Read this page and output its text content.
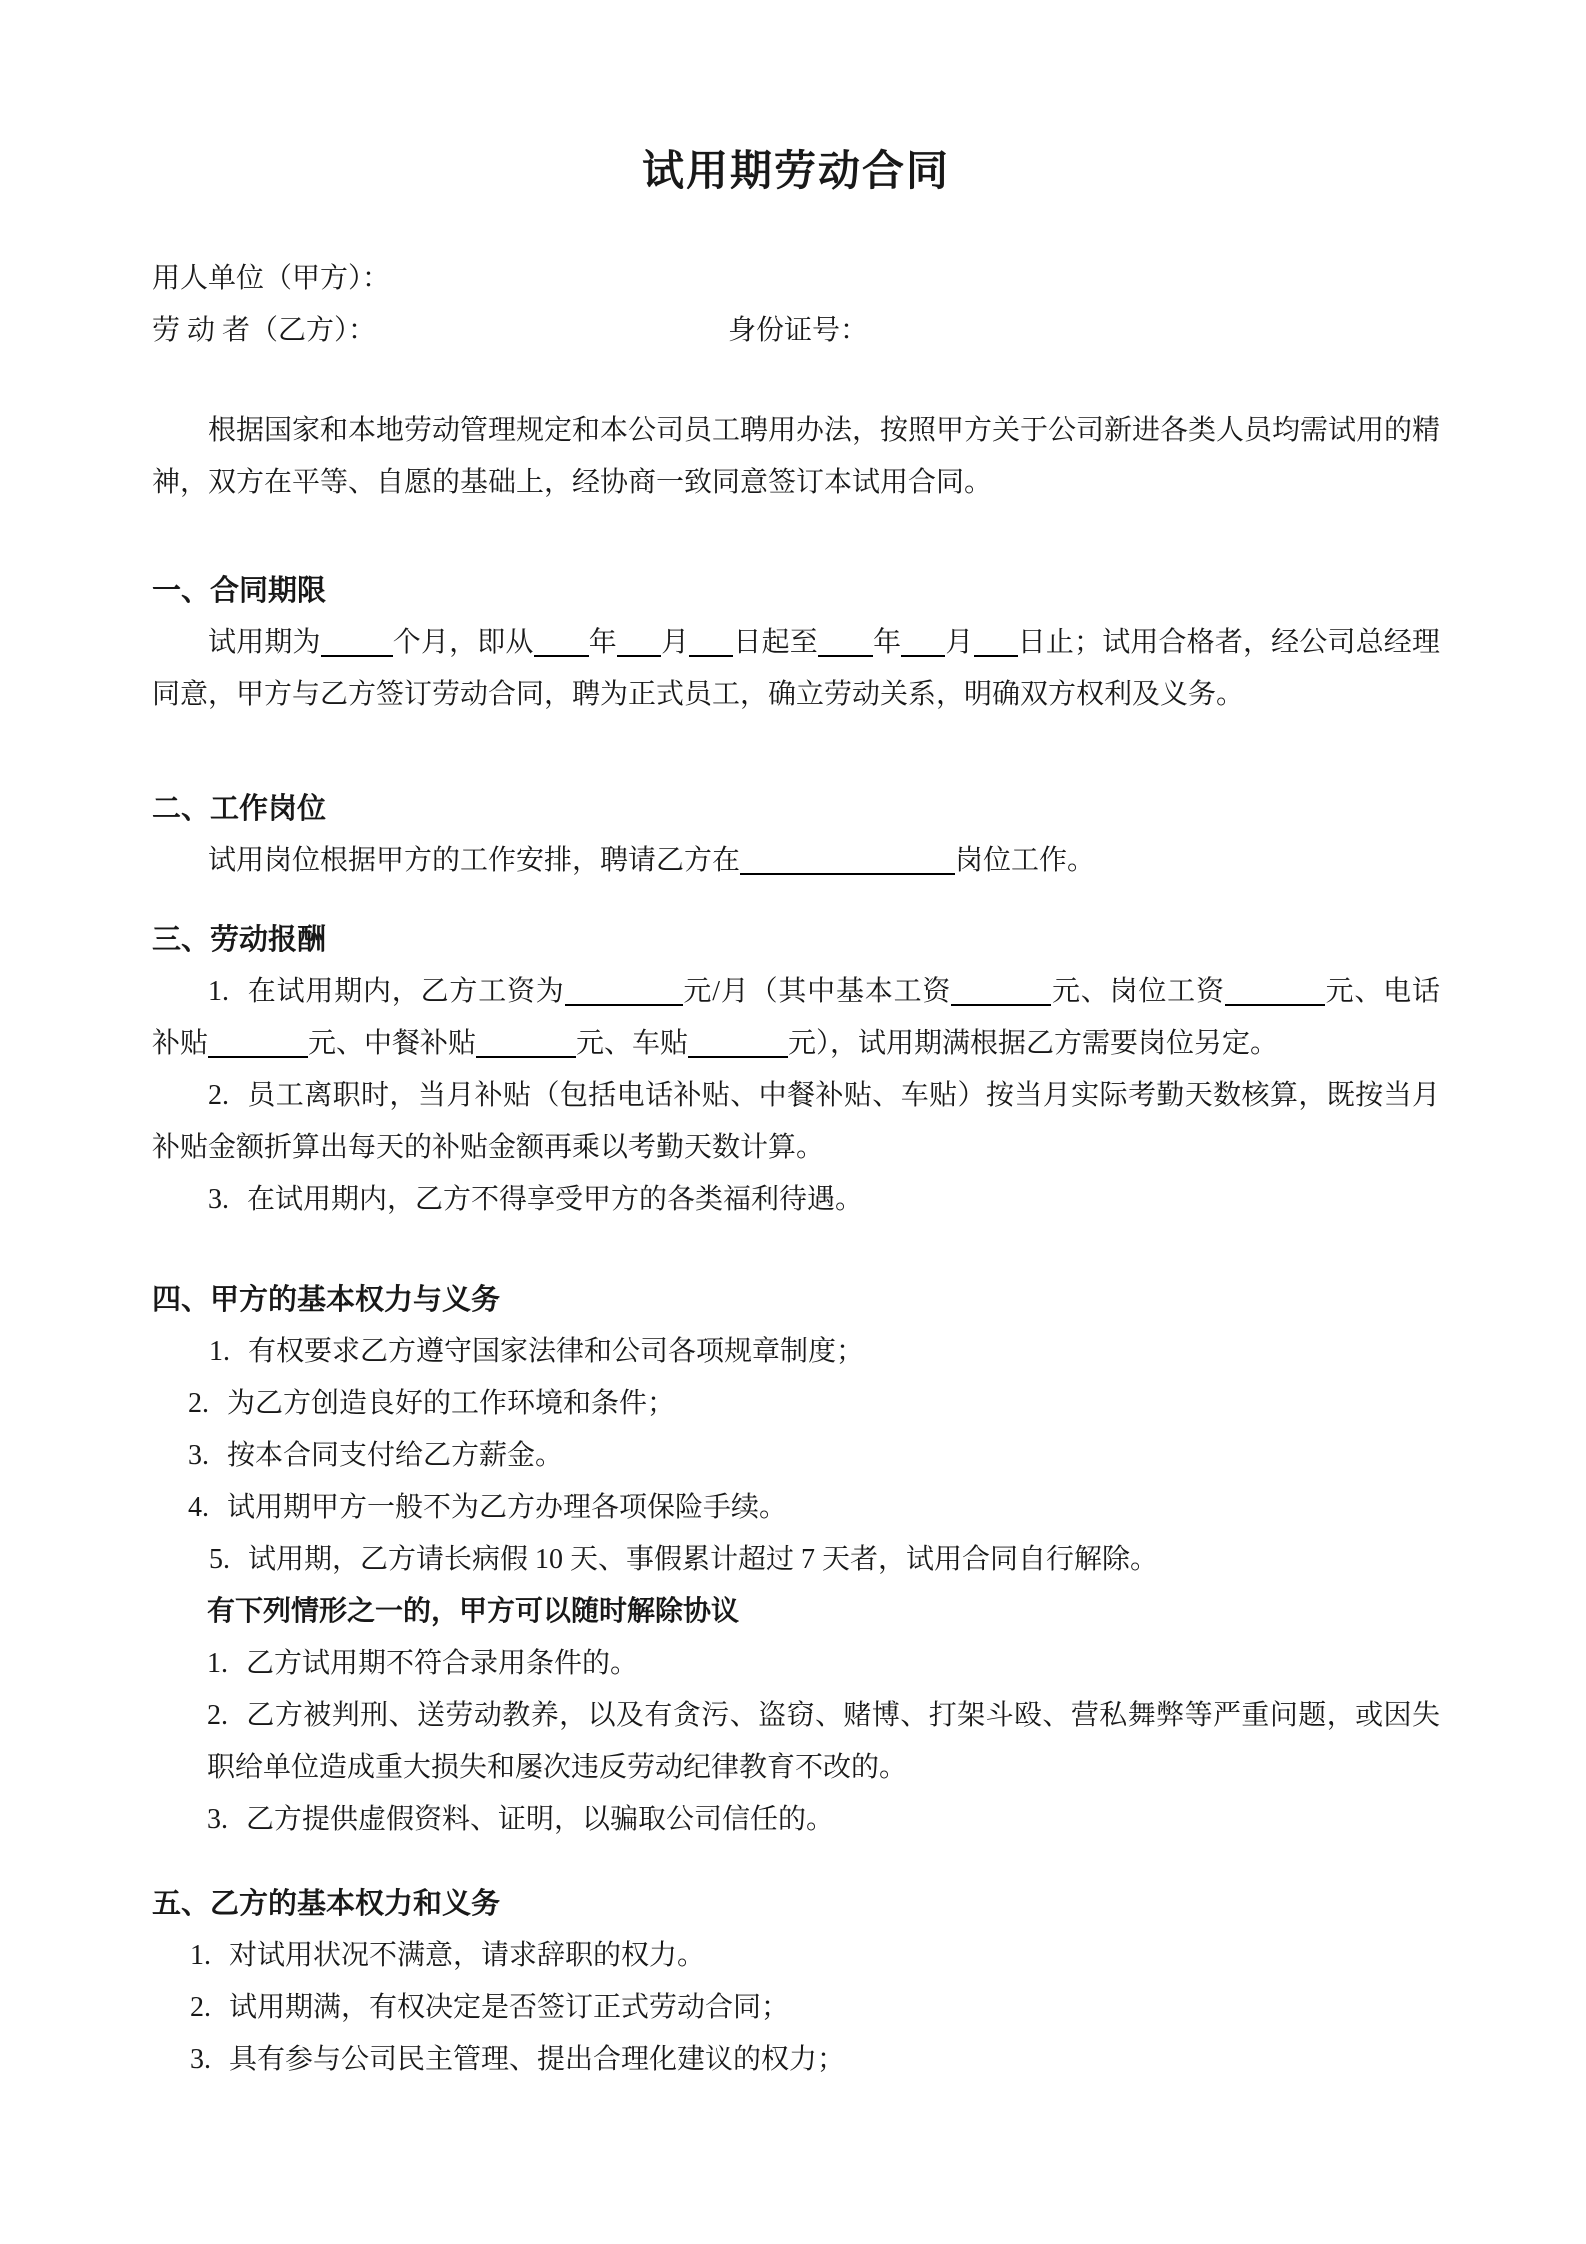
试用期劳动合同

用人单位（甲方）：

劳 动 者（乙方）：	身份证号：

根据国家和本地劳动管理规定和本公司员工聘用办法，按照甲方关于公司新进各类人员均需试用的精神，双方在平等、自愿的基础上，经协商一致同意签订本试用合同。

一、合同期限

试用期为	个月，即从 年 月 日起至 年 月 日止；试用合格者，经公司总经理同意，甲方与乙方签订劳动合同，聘为正式员工，确立劳动关系，明确双方权利及义务。

二、工作岗位

试用岗位根据甲方的工作安排，聘请乙方在	岗位工作。

三、劳动报酬

1. 在试用期内，乙方工资为	元/月（其中基本工资	元、岗位工资	元、电话补贴	元、中餐补贴	元、车贴	元），试用期满根据乙方需要岗位另定。

2. 员工离职时，当月补贴（包括电话补贴、中餐补贴、车贴）按当月实际考勤天数核算，既按当月补贴金额折算出每天的补贴金额再乘以考勤天数计算。

3. 在试用期内，乙方不得享受甲方的各类福利待遇。

四、甲方的基本权力与义务

1. 有权要求乙方遵守国家法律和公司各项规章制度；

2. 为乙方创造良好的工作环境和条件；

3. 按本合同支付给乙方薪金。

4. 试用期甲方一般不为乙方办理各项保险手续。

5. 试用期，乙方请长病假 10 天、事假累计超过 7 天者，试用合同自行解除。

有下列情形之一的，甲方可以随时解除协议

1. 乙方试用期不符合录用条件的。

2. 乙方被判刑、送劳动教养，以及有贪污、盗窃、赌博、打架斗殴、营私舞弊等严重问题，或因失职给单位造成重大损失和屡次违反劳动纪律教育不改的。

3. 乙方提供虚假资料、证明，以骗取公司信任的。

五、乙方的基本权力和义务

1. 对试用状况不满意，请求辞职的权力。

2. 试用期满，有权决定是否签订正式劳动合同；

3. 具有参与公司民主管理、提出合理化建议的权力；
